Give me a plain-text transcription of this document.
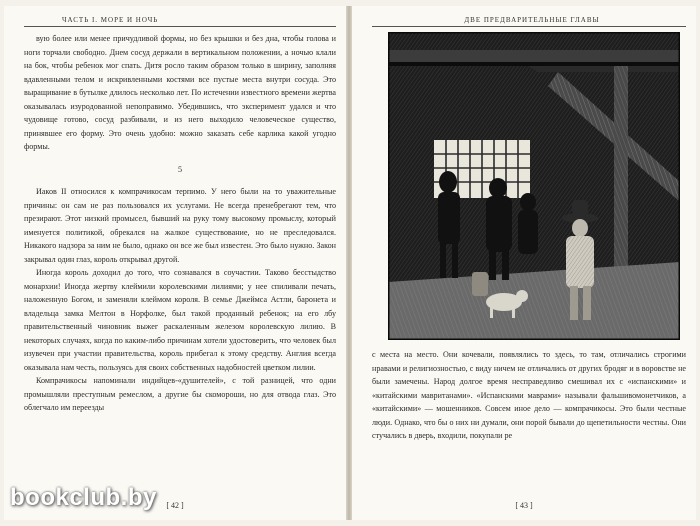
ЧАСТЬ I. МОРЕ И НОЧЬ

вую более или менее причудливой формы, но без крышки и без дна, чтобы голова и ноги торчали свободно. Днем сосуд держали в вертикальном положении, а ночью клали на бок, чтобы ребенок мог спать. Дитя росло таким образом только в ширину, заполняя вдавленными телом и искривленными костями все пустые места внутри сосуда. Это выращивание в бутылке длилось несколько лет. По истечении известного времени жертва оказывалась изуродованной непоправимо. Убедившись, что эксперимент удался и что чудовище готово, сосуд разбивали, и из него выходило человеческое существо, принявшее его форму. Это очень удобно: можно заказать себе карлика какой угодно формы.

5

Иаков II относился к компрачикосам терпимо. У него были на то уважительные причины: он сам не раз пользовался их услугами. Не всегда пренебрегают тем, что презирают. Этот низкий промысел, бывший на руку тому высокому промыслу, который именуется политикой, обрекался на жалкое существование, но не преследовался. Никакого надзора за ним не было, однако он все же был известен. Это было нужно. Закон закрывал один глаз, король открывал другой.

Иногда король доходил до того, что сознавался в соучастии. Таково бесстыдство монархии! Иногда жертву клеймили королевскими лилиями; у нее спиливали печать, наложенную Богом, и заменяли клеймом короля. В семье Джеймса Астли, баронета и владельца замка Мелтон в Норфолке, был такой проданный ребенок; на его лбу правительственный чиновник выжег раскаленным железом королевскую лилию. В некоторых случаях, когда по каким-либо причинам хотели удостоверить, что человек был изувечен при участии правительства, король прибегал к этому средству. Англия всегда оказывала нам честь, пользуясь для своих собственных надобностей цветком лилии.

Компрачикосы напоминали индийцев-«душителей», с той разницей, что одни промышляли преступным ремеслом, а другие бы скомороши, но для отвода глаз. Это облегчало им переезды

[ 42 ]
ДВЕ ПРЕДВАРИТЕЛЬНЫЕ ГЛАВЫ

с места на место. Они кочевали, появлялись то здесь, то там, отличались строгими нравами и религиозностью, с виду ничем не отличались от других бродяг и в воровстве не были замечены. Народ долгое время несправедливо смешивал их с «испанскими» и «китайскими мавританами». «Испанскими маврами» называли фальшивомонетчиков, а «китайскими» — мошенников. Совсем иное дело — компрачикосы. Это были честные люди. Однако, что бы о них ни думали, они порой бывали до щепетильности честны. Они стучались в дверь, входили, покупали ре

[ 43 ]
bookclub.by
